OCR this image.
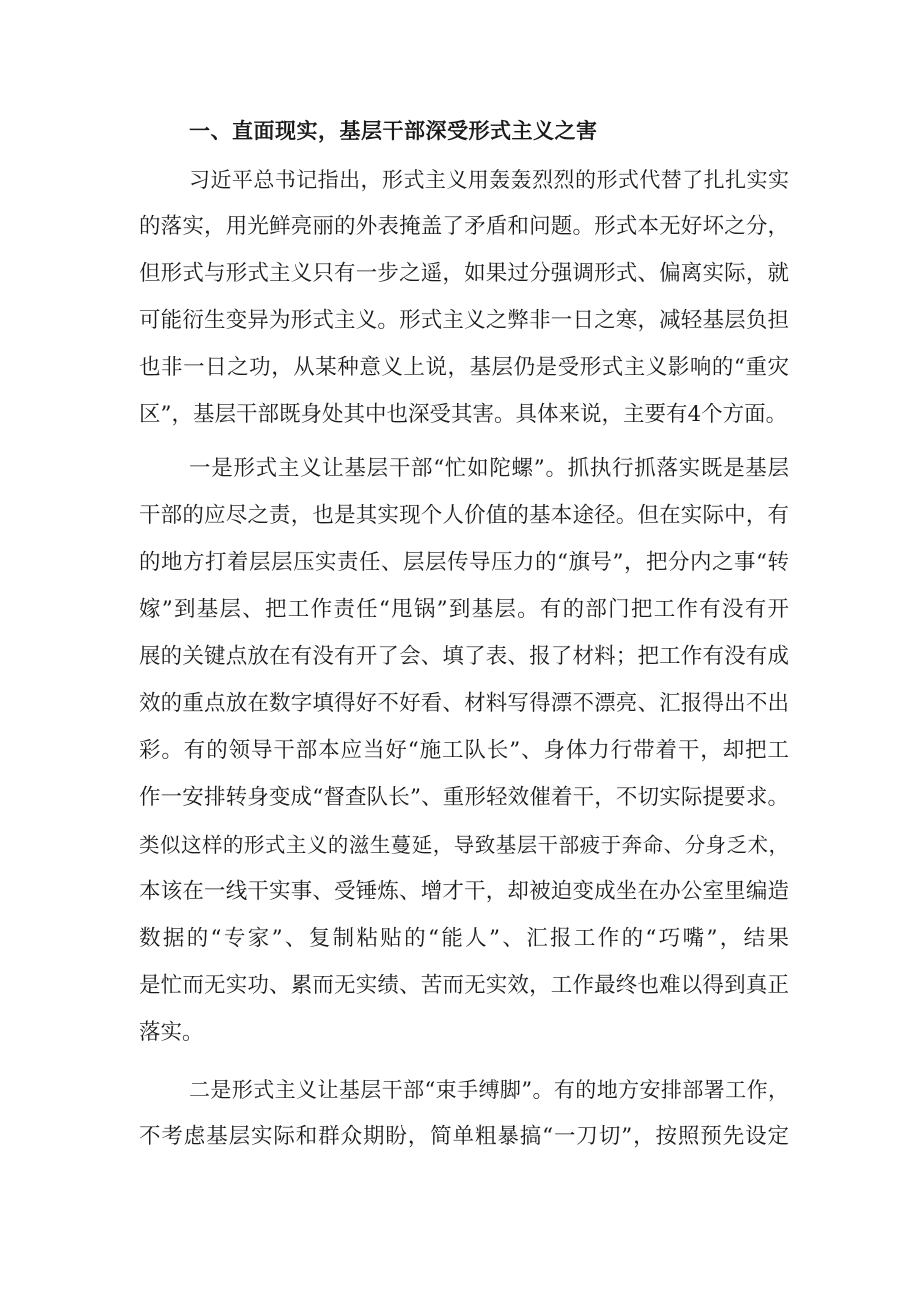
一、直面现实，基层干部深受形式主义之害
习近平总书记指出，形式主义用轰轰烈烈的形式代替了扎扎实实
的落实，用光鲜亮丽的外表掩盖了矛盾和问题。形式本无好坏之分，
但形式与形式主义只有一步之遥，如果过分强调形式、偏离实际，就
可能衍生变异为形式主义。形式主义之弊非一日之寒，减轻基层负担
也非一日之功，从某种意义上说，基层仍是受形式主义影响的“重灾
区”，基层干部既身处其中也深受其害。具体来说，主要有4个方面。
一是形式主义让基层干部“忙如陀螺”。抓执行抓落实既是基层
干部的应尽之责，也是其实现个人价值的基本途径。但在实际中，有
的地方打着层层压实责任、层层传导压力的“旗号”，把分内之事“转
嫁”到基层、把工作责任“甩锅”到基层。有的部门把工作有没有开
展的关键点放在有没有开了会、填了表、报了材料；把工作有没有成
效的重点放在数字填得好不好看、材料写得漂不漂亮、汇报得出不出
彩。有的领导干部本应当好“施工队长”、身体力行带着干，却把工
作一安排转身变成“督查队长”、重形轻效催着干，不切实际提要求。
类似这样的形式主义的滋生蔓延，导致基层干部疲于奔命、分身乏术，
本该在一线干实事、受锤炼、增才干，却被迫变成坐在办公室里编造
数据的“专家”、复制粘贴的“能人”、汇报工作的“巧嘴”，结果
是忙而无实功、累而无实绩、苦而无实效，工作最终也难以得到真正
落实。
二是形式主义让基层干部“束手缚脚”。有的地方安排部署工作，
不考虑基层实际和群众期盼，简单粗暴搞“一刀切”，按照预先设定
